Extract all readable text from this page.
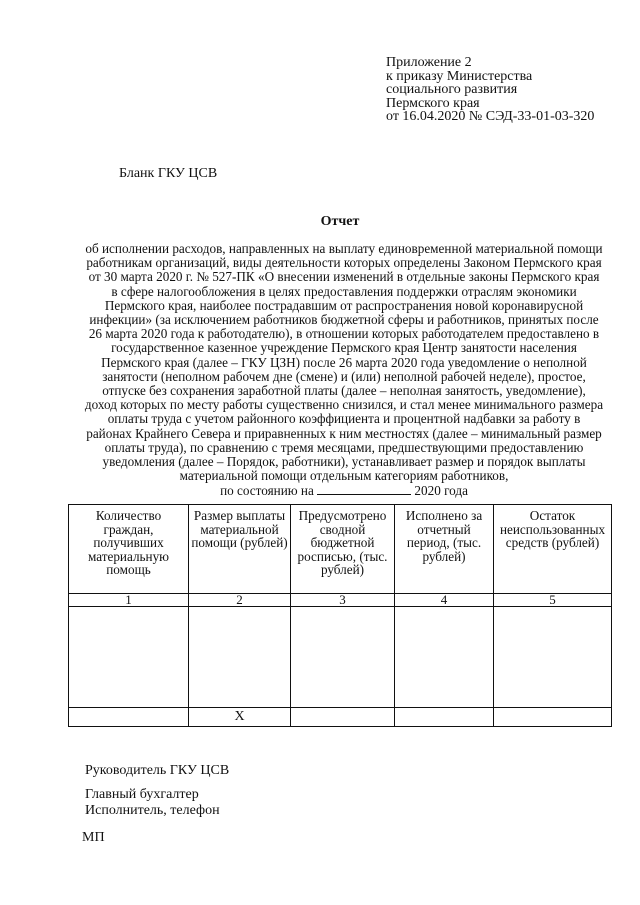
Приложение 2
к приказу Министерства
социального развития
Пермского края
от 16.04.2020 № СЭД-33-01-03-320
Бланк ГКУ ЦСВ
Отчет
об исполнении расходов, направленных на выплату единовременной материальной помощи
работникам организаций, виды деятельности которых определены Законом Пермского края
от 30 марта 2020 г. № 527-ПК «О внесении изменений в отдельные законы Пермского края
в сфере налогообложения в целях предоставления поддержки отраслям экономики
Пермского края, наиболее пострадавшим от распространения новой коронавирусной
инфекции» (за исключением работников бюджетной сферы и работников, принятых после
26 марта 2020 года к работодателю), в отношении которых работодателем предоставлено в
государственное казенное учреждение Пермского края Центр занятости населения
Пермского края (далее – ГКУ ЦЗН) после 26 марта 2020 года уведомление о неполной
занятости (неполном рабочем дне (смене) и (или) неполной рабочей неделе), простое,
отпуске без сохранения заработной платы (далее – неполная занятость, уведомление),
доход которых по месту работы существенно снизился, и стал менее минимального размера
оплаты труда с учетом районного коэффициента и процентной надбавки за работу в
районах Крайнего Севера и приравненных к ним местностях (далее – минимальный размер
оплаты труда), по сравнению с тремя месяцами, предшествующими предоставлению
уведомления (далее – Порядок, работники), устанавливает размер и порядок выплаты
материальной помощи отдельным категориям работников,
по состоянию на	2020 года
Количество граждан, получивших материальную помощь	Размер выплаты материальной помощи (рублей)	Предусмотрено сводной бюджетной росписью, (тыс. рублей)	Исполнено за отчетный период, (тыс. рублей)	Остаток неиспользованных средств (рублей)
1	2	3	4	5

	X			
Руководитель ГКУ ЦСВ
Главный бухгалтер
Исполнитель, телефон
МП
